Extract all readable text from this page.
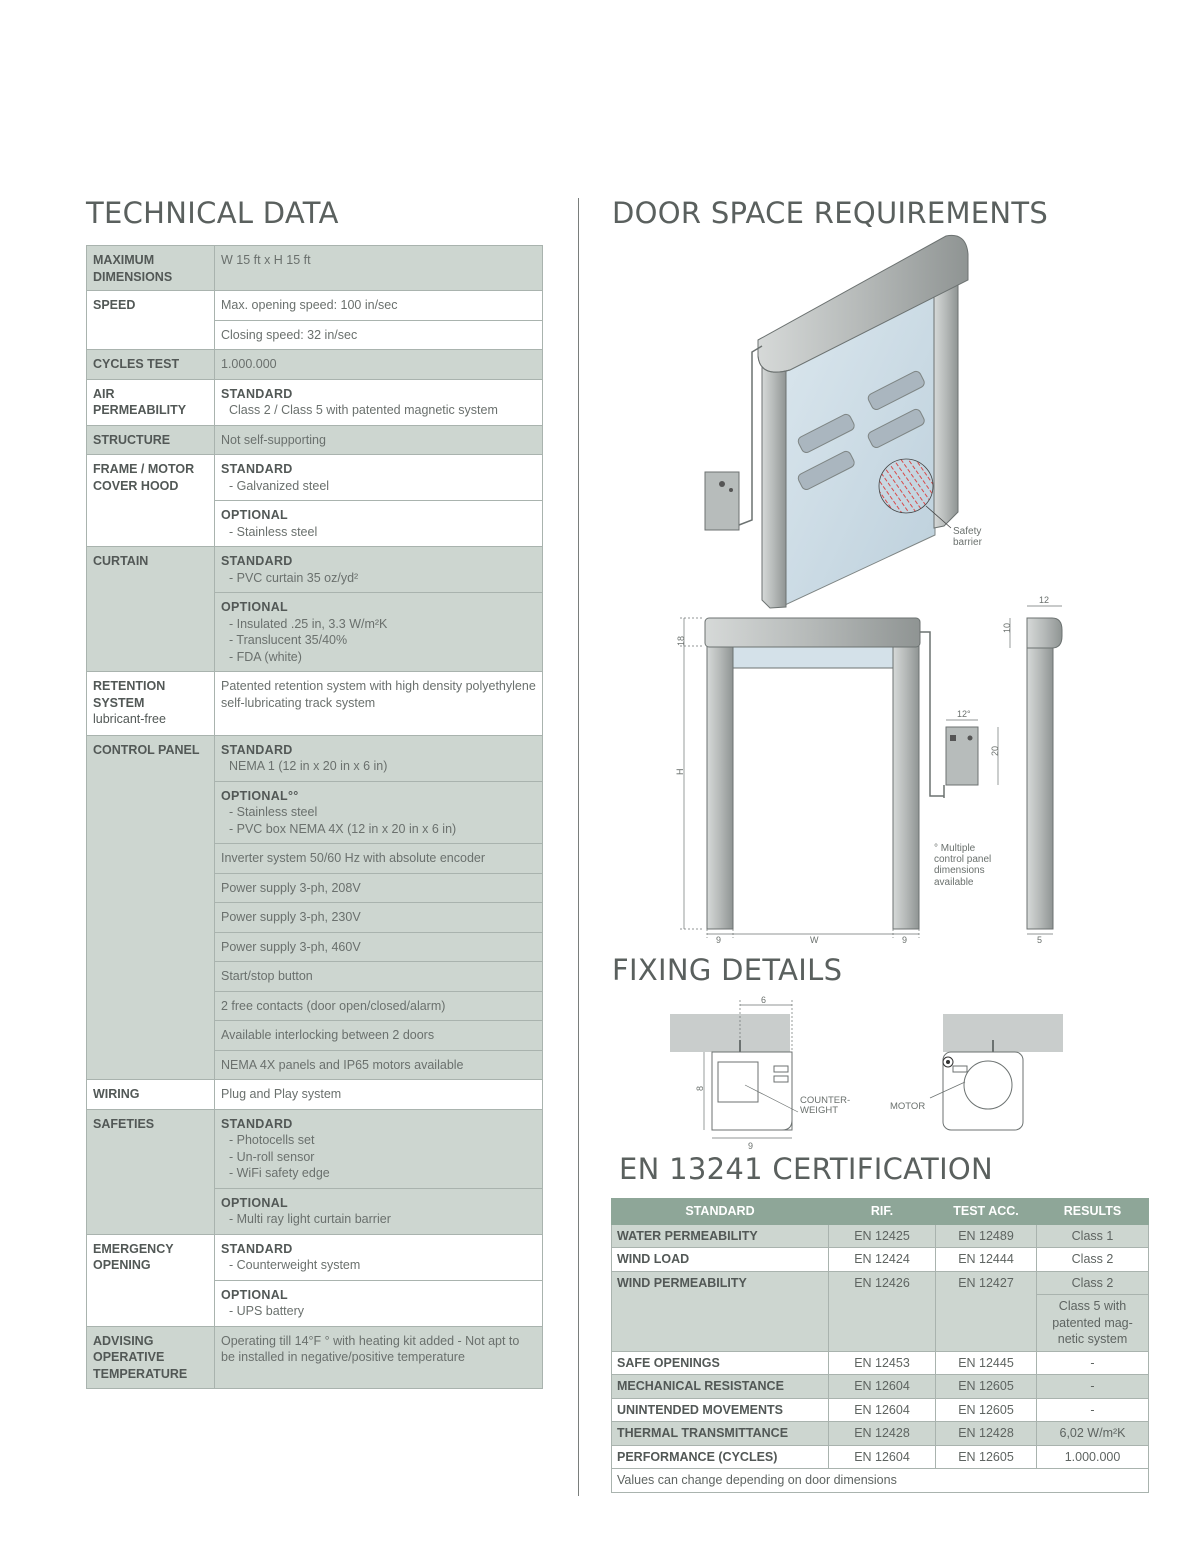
TECHNICAL DATA	DOOR SPACE REQUIREMENTS
FIXING DETAILS
EN 13241 CERTIFICATION
MAXIMUM DIMENSIONS	W 15 ft x H 15 ft
SPEED	Max. opening speed: 100 in/sec
	Closing speed: 32 in/sec
CYCLES TEST	1.000.000
AIR PERMEABILITY	STANDARD
Class 2 / Class 5 with patented magnetic system

STRUCTURE	Not self-supporting
FRAME / MOTOR COVER HOOD	STANDARD
- Galvanized steel

	OPTIONAL
- Stainless steel

CURTAIN	STANDARD
- PVC curtain 35 oz/yd²

	OPTIONAL
- Insulated .25 in, 3.3 W/m²K
- Translucent 35/40%
- FDA (white)

RETENTION SYSTEM
lubricant-free	Patented retention system with high density polyethylene self-lubricating track system
CONTROL PANEL	STANDARD
NEMA 1 (12 in x 20 in x 6 in)

	OPTIONAL°°
- Stainless steel
- PVC box NEMA 4X (12 in x 20 in x 6 in)

	Inverter system 50/60 Hz with absolute encoder
	Power supply 3-ph, 208V
	Power supply 3-ph, 230V
	Power supply 3-ph, 460V
	Start/stop button
	2 free contacts (door open/closed/alarm)
	Available interlocking between 2 doors
	NEMA 4X panels and IP65 motors available
WIRING	Plug and Play system
SAFETIES	STANDARD
- Photocells set
- Un-roll sensor
- WiFi safety edge

	OPTIONAL
- Multi ray light curtain barrier

EMERGENCY OPENING	STANDARD
- Counterweight system

	OPTIONAL
- UPS battery

ADVISING OPERATIVE TEMPERATURE	Operating till 14°F ° with heating kit added - Not apt to be installed in negative/positive temperature
Safety
barrier
18
H
9	W	9	5
12
10
12°
20
° Multiple
control panel
dimensions
available
6
8
9
COUNTER-
WEIGHT	MOTOR
STANDARD	RIF.	TEST ACC.	RESULTS
WATER PERMEABILITY	EN 12425	EN 12489	Class 1
WIND LOAD	EN 12424	EN 12444	Class 2
WIND PERMEABILITY	EN 12426	EN 12427	Class 2

			Class 5 with
patented mag-
netic system

SAFE OPENINGS	EN 12453	EN 12445	-
MECHANICAL RESISTANCE	EN 12604	EN 12605	-
UNINTENDED MOVEMENTS	EN 12604	EN 12605	-
THERMAL TRANSMITTANCE	EN 12428	EN 12428	6,02 W/m²K
PERFORMANCE (CYCLES)	EN 12604	EN 12605	1.000.000
Values can change depending on door dimensions			
